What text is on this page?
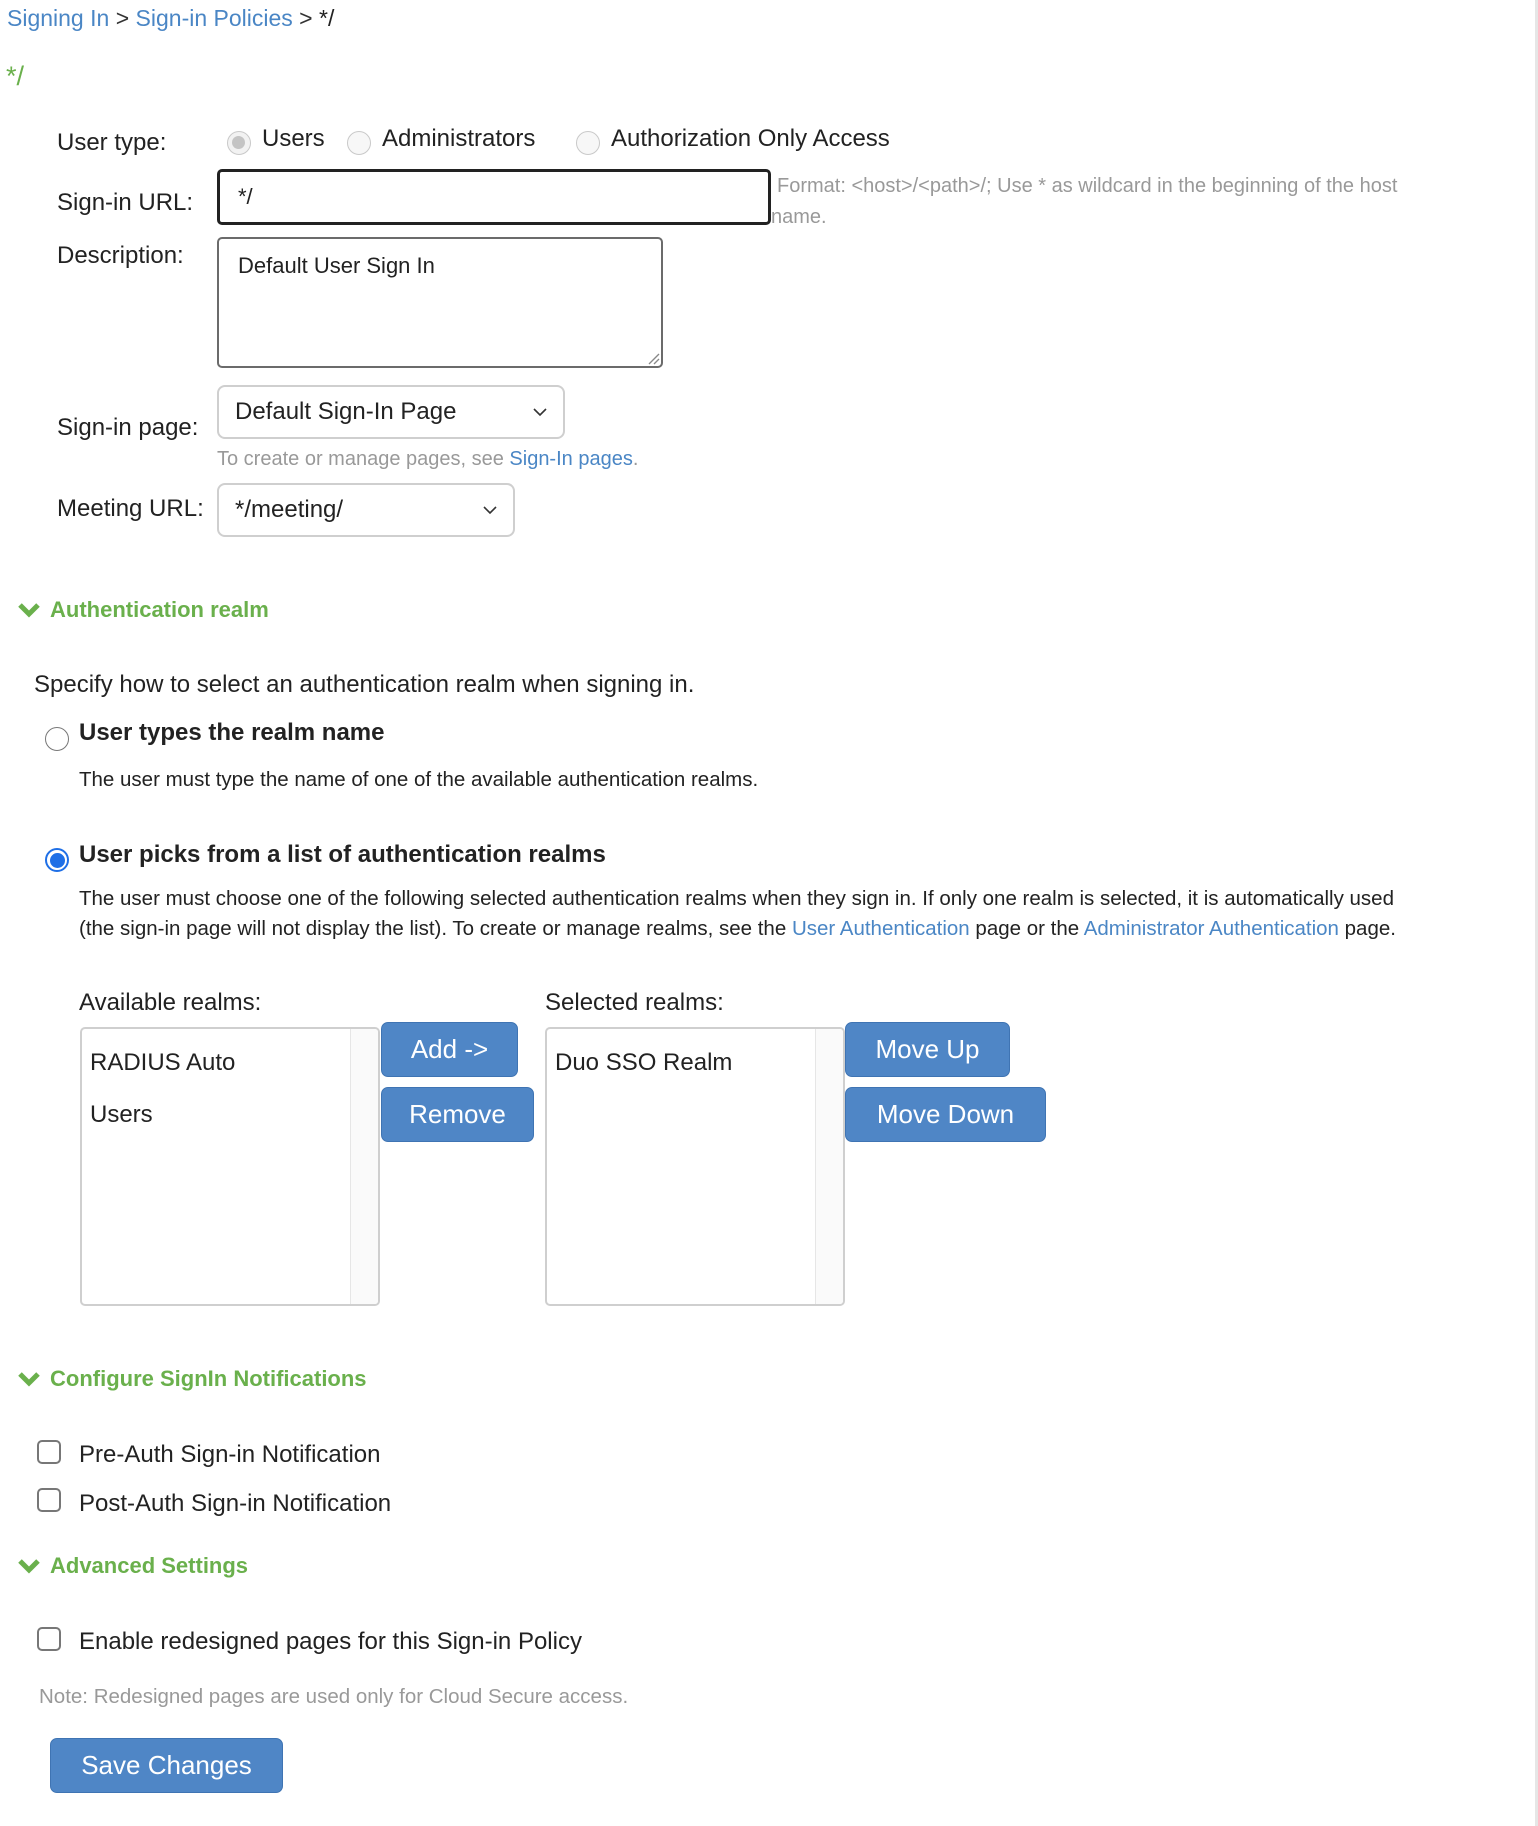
Signing In > Sign-in Policies > */
*/
User type:	Users Administrators	Authorization Only Access
Sign-in URL:
*/
Format: <host>/<path>/; Use * as wildcard in the beginning of the host
name.
Description:
Default User Sign In
Sign-in page:
Default Sign-In Page
To create or manage pages, see Sign-In pages.
Meeting URL: */meeting/
Authentication realm
Specify how to select an authentication realm when signing in.
User types the realm name
The user must type the name of one of the available authentication realms.
User picks from a list of authentication realms
The user must choose one of the following selected authentication realms when they sign in. If only one realm is selected, it is automatically used
(the sign-in page will not display the list). To create or manage realms, see the User Authentication page or the Administrator Authentication page.
Available realms:	Selected realms:
RADIUS Auto
Users
Add ->
Remove
Duo SSO Realm	Move Up
Move Down
Configure SignIn Notifications
Pre-Auth Sign-in Notification
Post-Auth Sign-in Notification
Advanced Settings
Enable redesigned pages for this Sign-in Policy
Note: Redesigned pages are used only for Cloud Secure access.
Save Changes
